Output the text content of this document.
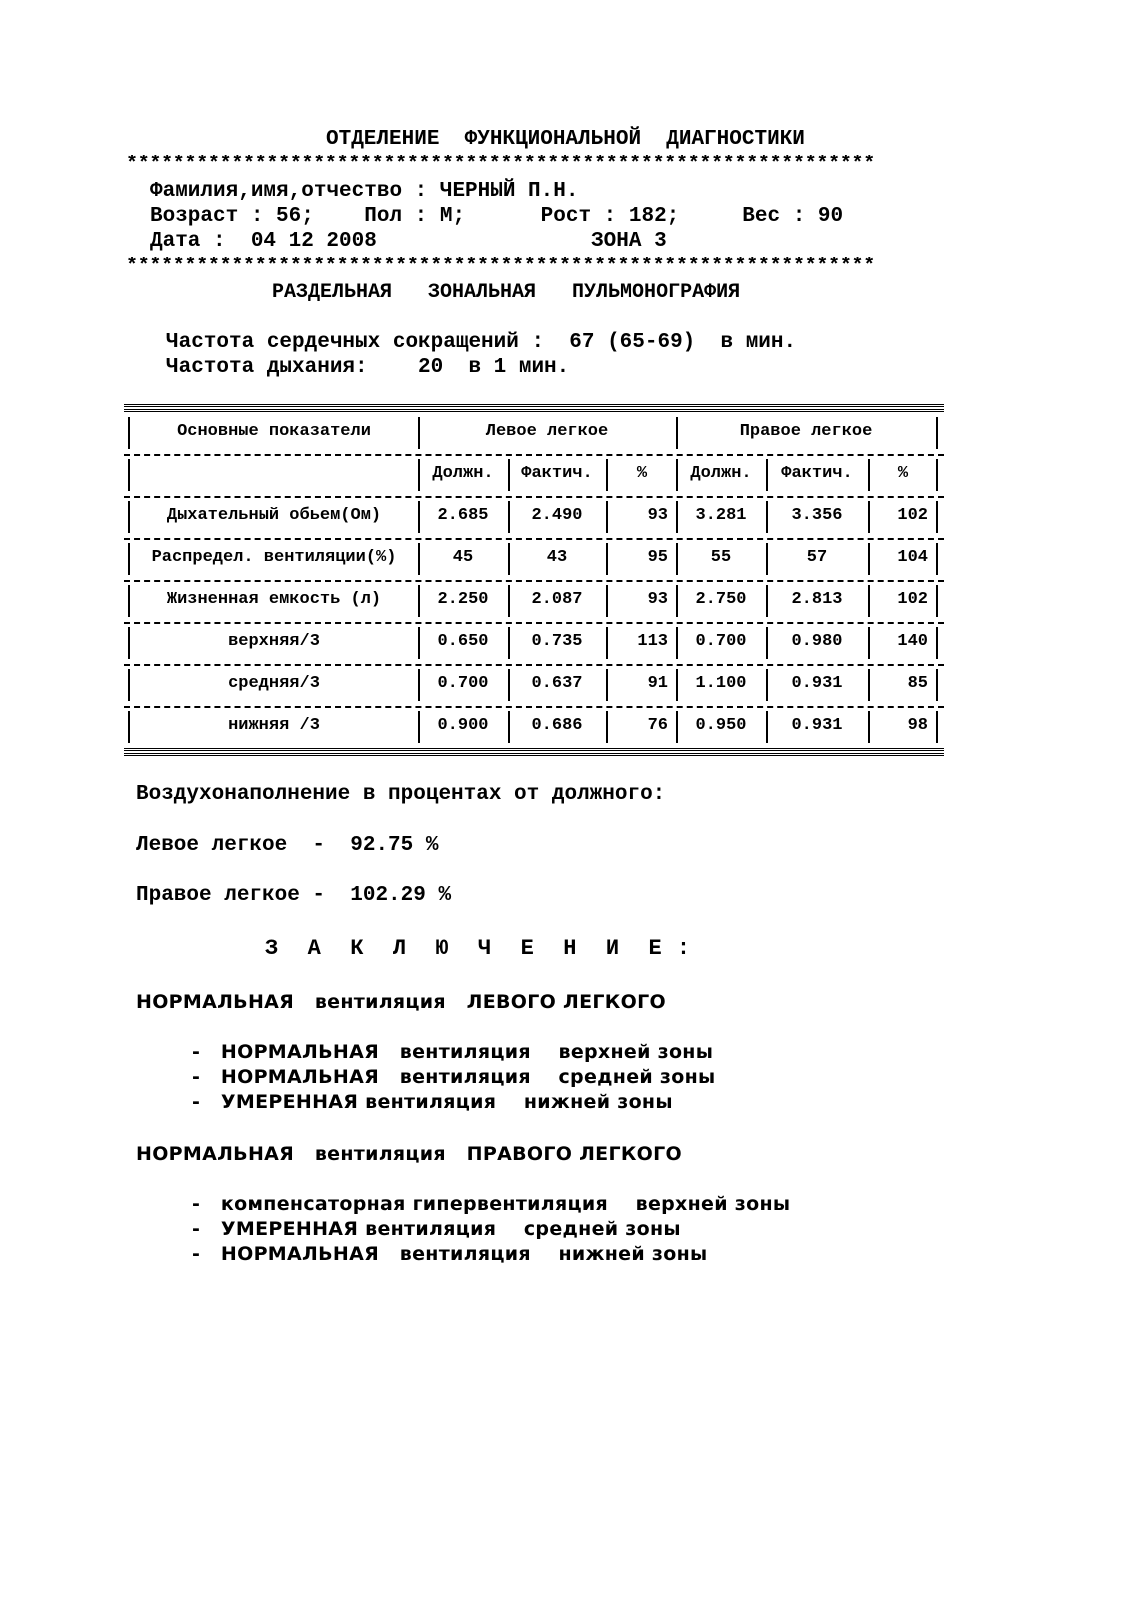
ОТДЕЛЕНИЕ  ФУНКЦИОНАЛЬНОЙ  ДИАГНОСТИКИ
****************************************************************
Фамилия,имя,отчество : ЧЕРНЫЙ П.Н.
Возраст : 56;    Пол : М;      Рост : 182;     Вес : 90
Дата :  04 12 2008                 ЗОНА 3
****************************************************************
РАЗДЕЛЬНАЯ   ЗОНАЛЬНАЯ   ПУЛЬМОНОГРАФИЯ
Частота сердечных сокращений :  67 (65-69)  в мин.
Частота дыхания:    20  в 1 мин.
Основные показатели	Левое легкое	Правое легкое
Должн.	Фактич.	%	Должн.	Фактич.	%
Дыхательный обьем(Ом)	2.685	2.490	93	3.281	3.356	102
Распредел. вентиляции(%)	45	43	95	55	57	104
Жизненная емкость (л)	2.250	2.087	93	2.750	2.813	102
верхняя/3	0.650	0.735	113	0.700	0.980	140
средняя/3	0.700	0.637	91	1.100	0.931	85
нижняя /3	0.900	0.686	76	0.950	0.931	98
Воздухонаполнение в процентах от должного:
Левое легкое  -  92.75 %
Правое легкое -  102.29 %
З  А  К  Л  Ю  Ч  Е  Н  И  Е :
НОРМАЛЬНАЯ   вентиляция   ЛЕВОГО ЛЕГКОГО
-   НОРМАЛЬНАЯ   вентиляция    верхней зоны
-   НОРМАЛЬНАЯ   вентиляция    средней зоны
-   УМЕРЕННАЯ вентиляция    нижней зоны
НОРМАЛЬНАЯ   вентиляция   ПРАВОГО ЛЕГКОГО
-   компенсаторная гипервентиляция    верхней зоны
-   УМЕРЕННАЯ вентиляция    средней зоны
-   НОРМАЛЬНАЯ   вентиляция    нижней зоны
